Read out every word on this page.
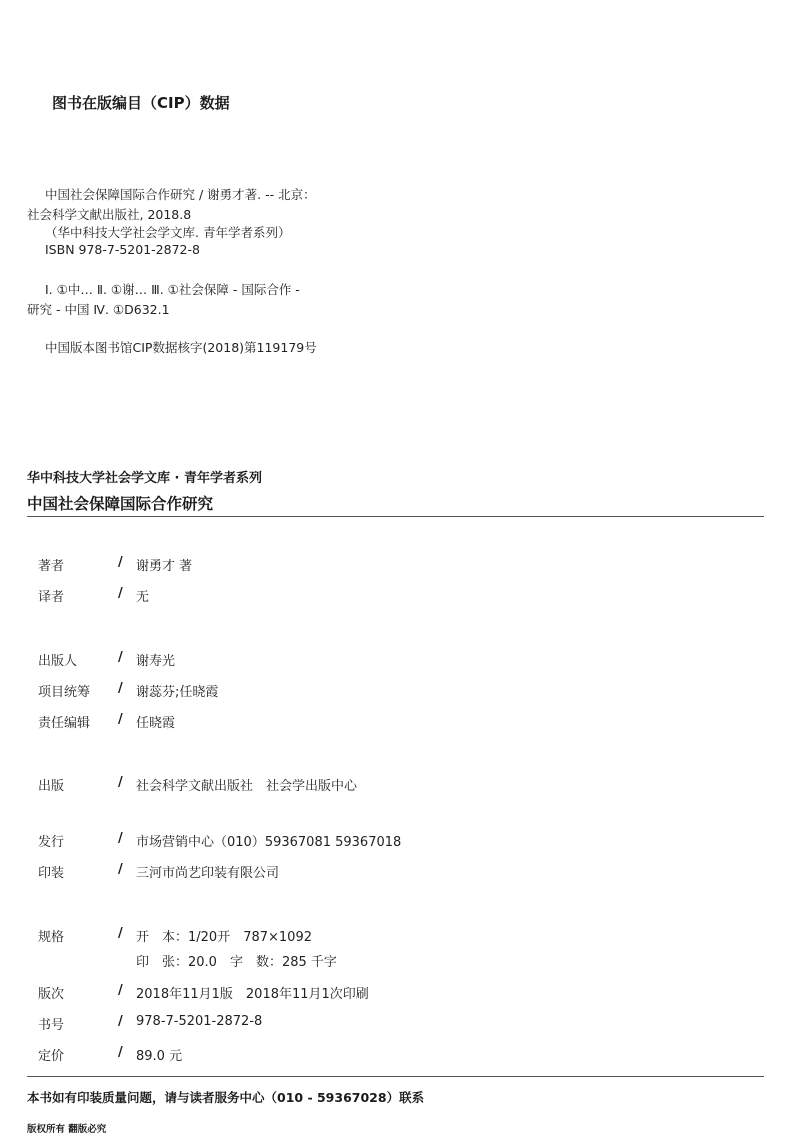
图书在版编目（CIP）数据
中国社会保障国际合作研究 / 谢勇才著. -- 北京：
社会科学文献出版社, 2018.8
（华中科技大学社会学文库. 青年学者系列）
ISBN 978-7-5201-2872-8
Ⅰ. ①中… Ⅱ. ①谢… Ⅲ. ①社会保障 - 国际合作 -
研究 - 中国 Ⅳ. ①D632.1
中国版本图书馆CIP数据核字(2018)第119179号
华中科技大学社会学文库 · 青年学者系列
中国社会保障国际合作研究
著者	/ 谢勇才 著
译者	/ 无
出版人	/ 谢寿光
项目统筹 / 谢蕊芬;任晓霞
责任编辑 / 任晓霞
出版	/ 社会科学文献出版社　社会学出版中心
发行	/ 市场营销中心（010）59367081 59367018
印装	/ 三河市尚艺印装有限公司
规格	/ 开　本：1/20开　787×1092
印　张：20.0　字　数：285 千字
版次	/ 2018年11月1版　2018年11月1次印刷
书号	/ 978-7-5201-2872-8
定价	/ 89.0 元
本书如有印装质量问题，请与读者服务中心（010 - 59367028）联系
版权所有 翻版必究
